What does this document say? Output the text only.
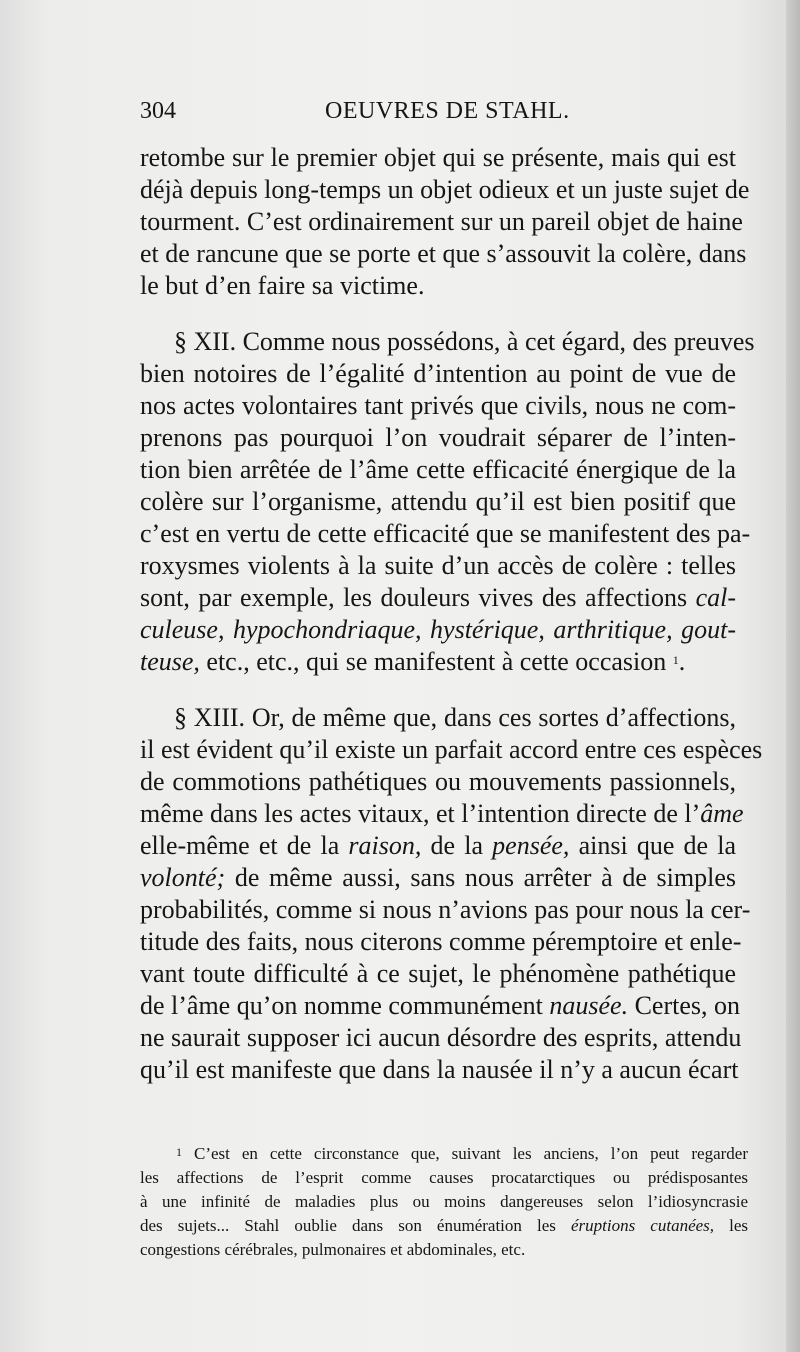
304	OEUVRES DE STAHL.
retombe sur le premier objet qui se présente, mais qui est
déjà depuis long-temps un objet odieux et un juste sujet de
tourment. C’est ordinairement sur un pareil objet de haine
et de rancune que se porte et que s’assouvit la colère, dans
le but d’en faire sa victime.
§ XII. Comme nous possédons, à cet égard, des preuves
bien notoires de l’égalité d’intention au point de vue de
nos actes volontaires tant privés que civils, nous ne com-
prenons pas pourquoi l’on voudrait séparer de l’inten-
tion bien arrêtée de l’âme cette efficacité énergique de la
colère sur l’organisme, attendu qu’il est bien positif que
c’est en vertu de cette efficacité que se manifestent des pa-
roxysmes violents à la suite d’un accès de colère : telles
sont, par exemple, les douleurs vives des affections cal-
culeuse, hypochondriaque, hystérique, arthritique, gout-
teuse, etc., etc., qui se manifestent à cette occasion $^1$.
§ XIII. Or, de même que, dans ces sortes d’affections,
il est évident qu’il existe un parfait accord entre ces espèces
de commotions pathétiques ou mouvements passionnels,
même dans les actes vitaux, et l’intention directe de l’âme
elle-même et de la raison, de la pensée, ainsi que de la
volonté; de même aussi, sans nous arrêter à de simples
probabilités, comme si nous n’avions pas pour nous la cer-
titude des faits, nous citerons comme péremptoire et enle-
vant toute difficulté à ce sujet, le phénomène pathétique
de l’âme qu’on nomme communément nausée. Certes, on
ne saurait supposer ici aucun désordre des esprits, attendu
qu’il est manifeste que dans la nausée il n’y a aucun écart
$^1$ C’est en cette circonstance que, suivant les anciens, l’on peut regarder
les affections de l’esprit comme causes procatarctiques ou prédisposantes
à une infinité de maladies plus ou moins dangereuses selon l’idiosyncrasie
des sujets... Stahl oublie dans son énumération les éruptions cutanées, les
congestions cérébrales, pulmonaires et abdominales, etc.
